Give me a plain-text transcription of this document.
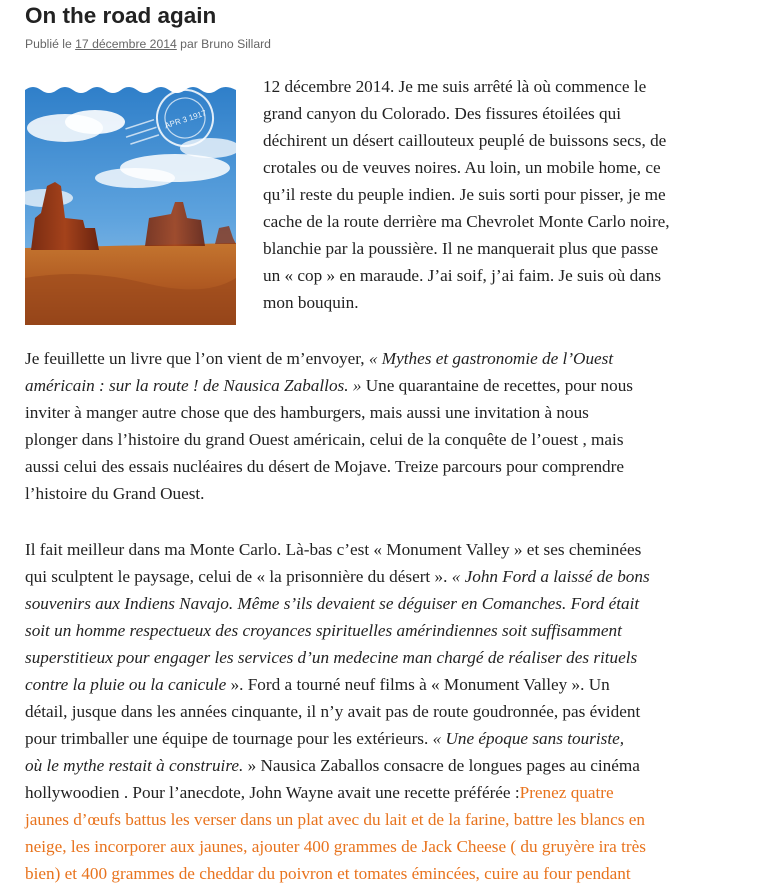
On the road again
Publié le 17 décembre 2014 par Bruno Sillard
APR 3 1917

12 décembre 2014. Je me suis arrêté là où commence le
grand canyon du Colorado. Des fissures étoilées qui
déchirent un désert caillouteux peuplé de buissons secs, de
crotales ou de veuves noires. Au loin, un mobile home, ce
qu’il reste du peuple indien. Je suis sorti pour pisser, je me
cache de la route derrière ma Chevrolet Monte Carlo noire,
blanchie par la poussière. Il ne manquerait plus que passe
un « cop » en maraude. J’ai soif, j’ai faim. Je suis où dans
mon bouquin.

Je feuillette un livre que l’on vient de m’envoyer, « Mythes et gastronomie de l’Ouest
américain : sur la route ! de Nausica Zaballos. » Une quarantaine de recettes, pour nous
inviter à manger autre chose que des hamburgers, mais aussi une invitation à nous
plonger dans l’histoire du grand Ouest américain, celui de la conquête de l’ouest , mais
aussi celui des essais nucléaires du désert de Mojave. Treize parcours pour comprendre
l’histoire du Grand Ouest.

Il fait meilleur dans ma Monte Carlo. Là-bas c’est « Monument Valley » et ses cheminées
qui sculptent le paysage, celui de « la prisonnière du désert ». « John Ford a laissé de bons
souvenirs aux Indiens Navajo. Même s’ils devaient se déguiser en Comanches. Ford était
soit un homme respectueux des croyances spirituelles amérindiennes soit suffisamment
superstitieux pour engager les services d’un medecine man chargé de réaliser des rituels
contre la pluie ou la canicule ». Ford a tourné neuf films à « Monument Valley ». Un
détail, jusque dans les années cinquante, il n’y avait pas de route goudronnée, pas évident
pour trimballer une équipe de tournage pour les extérieurs. « Une époque sans touriste,
où le mythe restait à construire. » Nausica Zaballos consacre de longues pages au cinéma
hollywoodien . Pour l’anecdote, John Wayne avait une recette préférée :Prenez quatre
jaunes d’œufs battus les verser dans un plat avec du lait et de la farine, battre les blancs en
neige, les incorporer aux jaunes, ajouter 400 grammes de Jack Cheese ( du gruyère ira très
bien) et 400 grammes de cheddar du poivron et tomates émincées, cuire au four pendant
